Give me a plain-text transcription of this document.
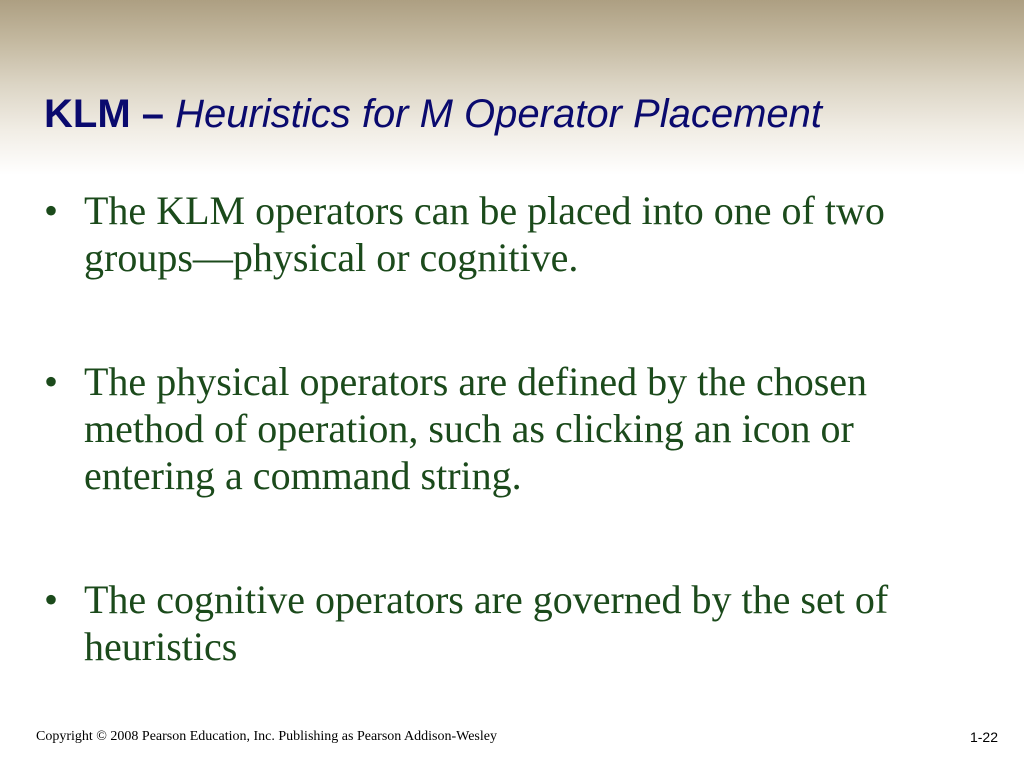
KLM – Heuristics for M Operator Placement
• The KLM operators can be placed into one of two groups—physical or cognitive.
• The physical operators are defined by the chosen method of operation, such as clicking an icon or entering a command string.
• The cognitive operators are governed by the set of heuristics
Copyright © 2008 Pearson Education, Inc. Publishing as Pearson Addison-Wesley	1-22
